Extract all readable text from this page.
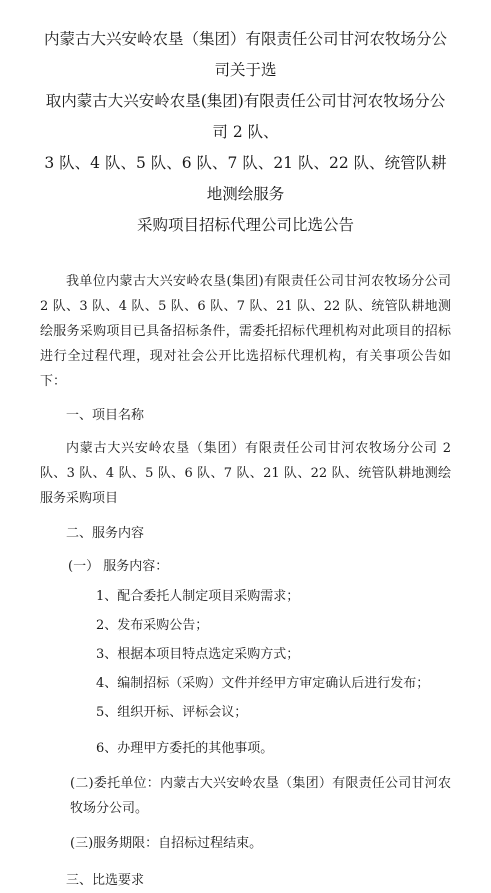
内蒙古大兴安岭农垦（集团）有限责任公司甘河农牧场分公司关于选
取内蒙古大兴安岭农垦(集团)有限责任公司甘河农牧场分公司 2 队、
3 队、4 队、5 队、6 队、7 队、21 队、22 队、统管队耕地测绘服务
采购项目招标代理公司比选公告

我单位内蒙古大兴安岭农垦(集团)有限责任公司甘河农牧场分公司 2 队、3 队、4 队、5 队、6 队、7 队、21 队、22 队、统管队耕地测绘服务采购项目已具备招标条件，需委托招标代理机构对此项目的招标进行全过程代理，现对社会公开比选招标代理机构，有关事项公告如下：

一、项目名称

内蒙古大兴安岭农垦（集团）有限责任公司甘河农牧场分公司 2 队、3 队、4 队、5 队、6 队、7 队、21 队、22 队、统管队耕地测绘服务采购项目

二、服务内容

(一） 服务内容：

1、配合委托人制定项目采购需求；

2、发布采购公告；

3、根据本项目特点选定采购方式；

4、编制招标（采购）文件并经甲方审定确认后进行发布；

5、组织开标、评标会议；

6、办理甲方委托的其他事项。

(二)委托单位：内蒙古大兴安岭农垦（集团）有限责任公司甘河农牧场分公司。

(三)服务期限：自招标过程结束。

三、比选要求
